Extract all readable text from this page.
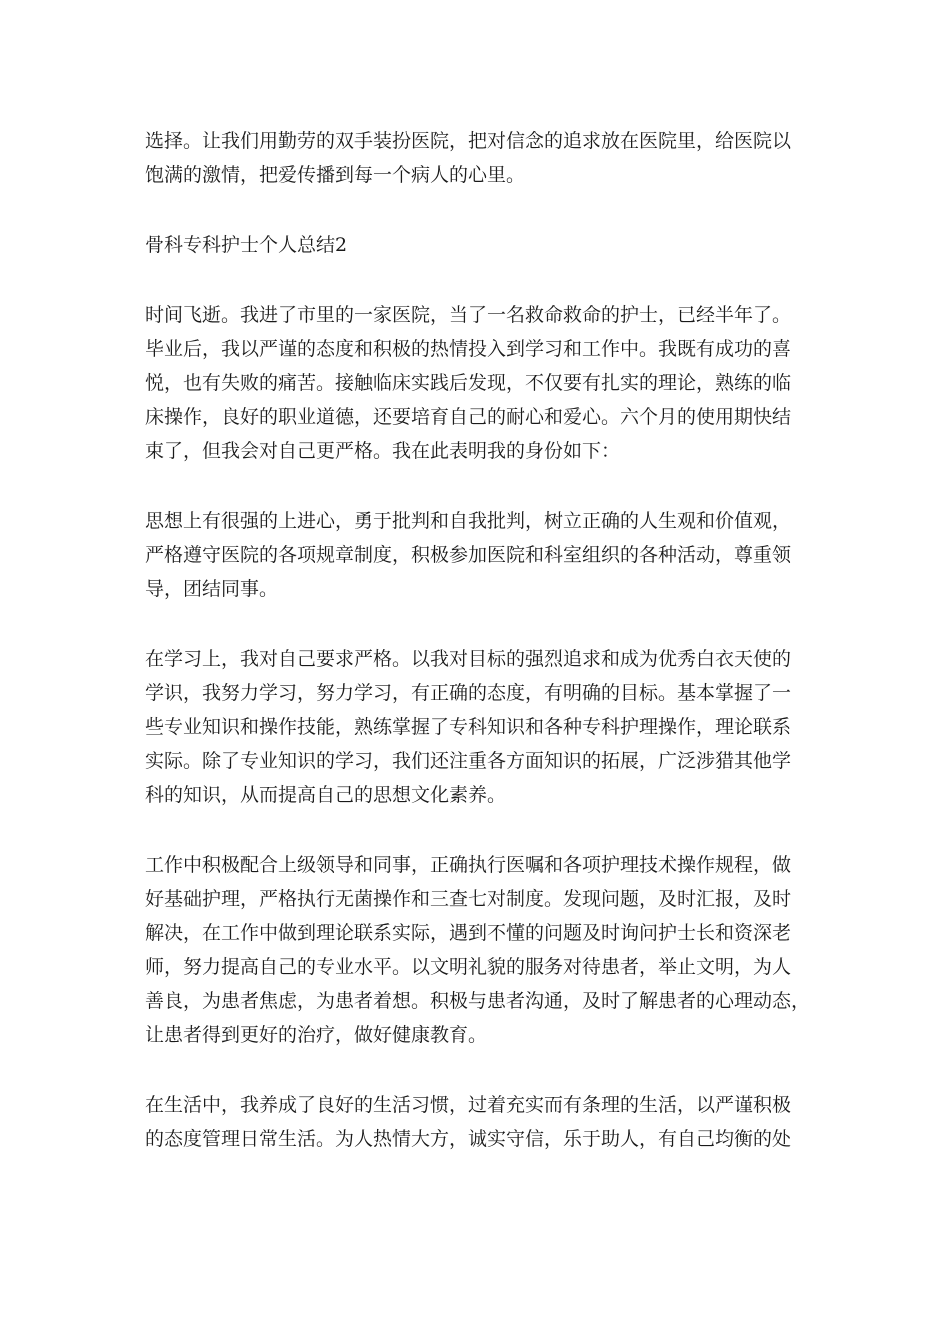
选择。让我们用勤劳的双手装扮医院，把对信念的追求放在医院里，给医院以
饱满的激情，把爱传播到每一个病人的心里。

骨科专科护士个人总结2

时间飞逝。我进了市里的一家医院，当了一名救命救命的护士，已经半年了。
毕业后，我以严谨的态度和积极的热情投入到学习和工作中。我既有成功的喜
悦，也有失败的痛苦。接触临床实践后发现，不仅要有扎实的理论，熟练的临
床操作，良好的职业道德，还要培育自己的耐心和爱心。六个月的使用期快结
束了，但我会对自己更严格。我在此表明我的身份如下：

思想上有很强的上进心，勇于批判和自我批判，树立正确的人生观和价值观，
严格遵守医院的各项规章制度，积极参加医院和科室组织的各种活动，尊重领
导，团结同事。

在学习上，我对自己要求严格。以我对目标的强烈追求和成为优秀白衣天使的
学识，我努力学习，努力学习，有正确的态度，有明确的目标。基本掌握了一
些专业知识和操作技能，熟练掌握了专科知识和各种专科护理操作，理论联系
实际。除了专业知识的学习，我们还注重各方面知识的拓展，广泛涉猎其他学
科的知识，从而提高自己的思想文化素养。

工作中积极配合上级领导和同事，正确执行医嘱和各项护理技术操作规程，做
好基础护理，严格执行无菌操作和三查七对制度。发现问题，及时汇报，及时
解决，在工作中做到理论联系实际，遇到不懂的问题及时询问护士长和资深老
师，努力提高自己的专业水平。以文明礼貌的服务对待患者，举止文明，为人
善良，为患者焦虑，为患者着想。积极与患者沟通，及时了解患者的心理动态，
让患者得到更好的治疗，做好健康教育。

在生活中，我养成了良好的生活习惯，过着充实而有条理的生活，以严谨积极
的态度管理日常生活。为人热情大方，诚实守信，乐于助人，有自己均衡的处
